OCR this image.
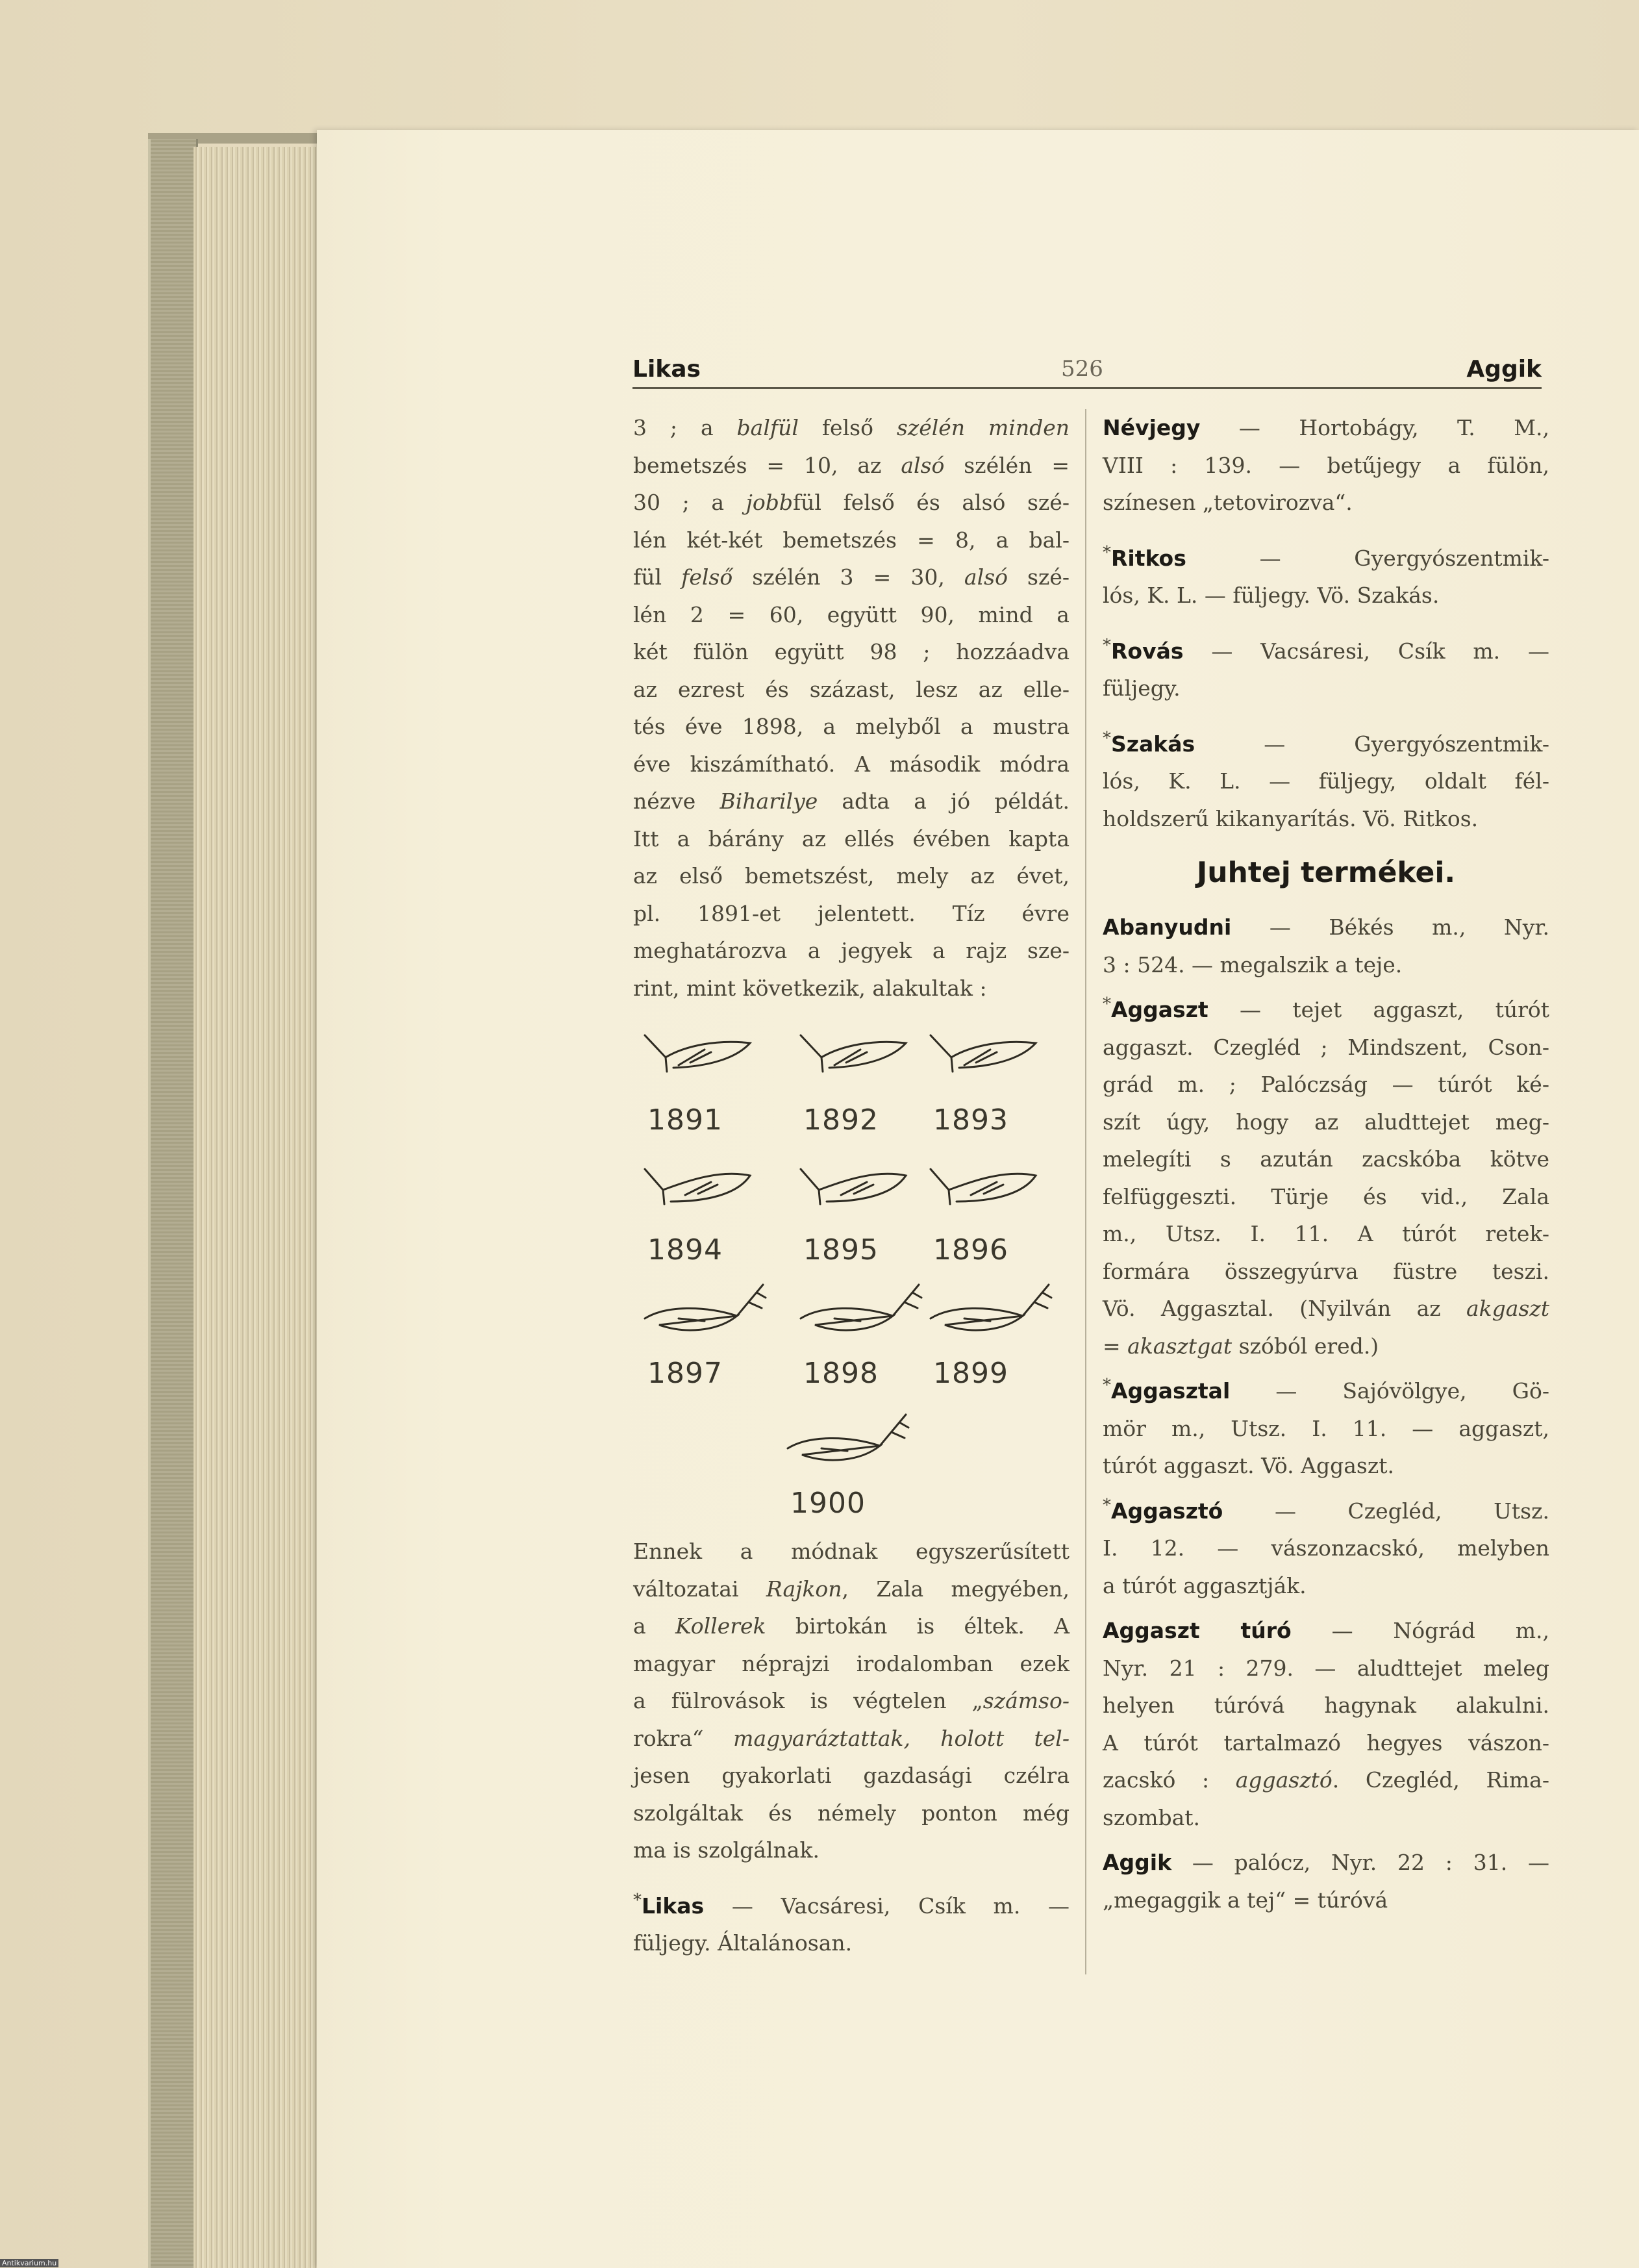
Likas	526	Aggik
3 ; a balfül felső szélén minden
bemetszés = 10, az alsó szélén =
30 ; a jobbfül felső és alsó szé-
lén két-két bemetszés = 8, a bal-
fül felső szélén 3 = 30, alsó szé-
lén 2 = 60, együtt 90, mind a
két fülön együtt 98 ; hozzáadva
az ezrest és százast, lesz az elle-
tés éve 1898, a melyből a mustra
éve kiszámítható. A második módra
nézve Biharilye adta a jó példát.
Itt a bárány az ellés évében kapta
az első bemetszést, mely az évet,
pl. 1891-et jelentett. Tíz évre
meghatározva a jegyek a rajz sze-
rint, mint következik, alakultak :
1891	1892 1893
1894	1895 1896
1897	1898 1899
1900
Ennek a módnak egyszerűsített
változatai Rajkon, Zala megyében,
a Kollerek birtokán is éltek. A
magyar néprajzi irodalomban ezek
a fülrovások is végtelen „számso-
rokra“ magyaráztattak, holott tel-
jesen gyakorlati gazdasági czélra
szolgáltak és némely ponton még
ma is szolgálnak.
*Likas — Vacsáresi, Csík m. —
füljegy. Általánosan.
Névjegy — Hortobágy, T. M.,
VIII : 139. — betűjegy a fülön,
színesen „tetovirozva“.
*Ritkos	— Gyergyószentmik-
lós, K. L. — füljegy. Vö. Szakás.
*Rovás — Vacsáresi, Csík m. —
füljegy.
*Szakás	— Gyergyószentmik-
lós, K. L. — füljegy, oldalt fél-
holdszerű kikanyarítás. Vö. Ritkos.
Juhtej termékei.
Abanyudni — Békés m., Nyr.
3 : 524. — megalszik a teje.
*Aggaszt — tejet aggaszt, túrót
aggaszt. Czegléd ; Mindszent, Cson-
grád m. ; Palóczság — túrót ké-
szít úgy, hogy az aludttejet meg-
melegíti s azután zacskóba kötve
felfüggeszti. Türje és vid., Zala
m., Utsz. I. 11. A túrót retek-
formára összegyúrva füstre teszi.
Vö. Aggasztal. (Nyilván az akgaszt
= akasztgat szóból ered.)
*Aggasztal — Sajóvölgye, Gö-
mör m., Utsz. I. 11. — aggaszt,
túrót aggaszt. Vö. Aggaszt.
*Aggasztó — Czegléd, Utsz.
I. 12. — vászonzacskó, melyben
a túrót aggasztják.
Aggaszt túró — Nógrád m.,
Nyr. 21 : 279. — aludttejet meleg
helyen túróvá hagynak alakulni.
A túrót tartalmazó hegyes vászon-
zacskó : aggasztó. Czegléd, Rima-
szombat.
Aggik — palócz, Nyr. 22 : 31. —
„megaggik a tej“ = túróvá
Antikvarium.hu
